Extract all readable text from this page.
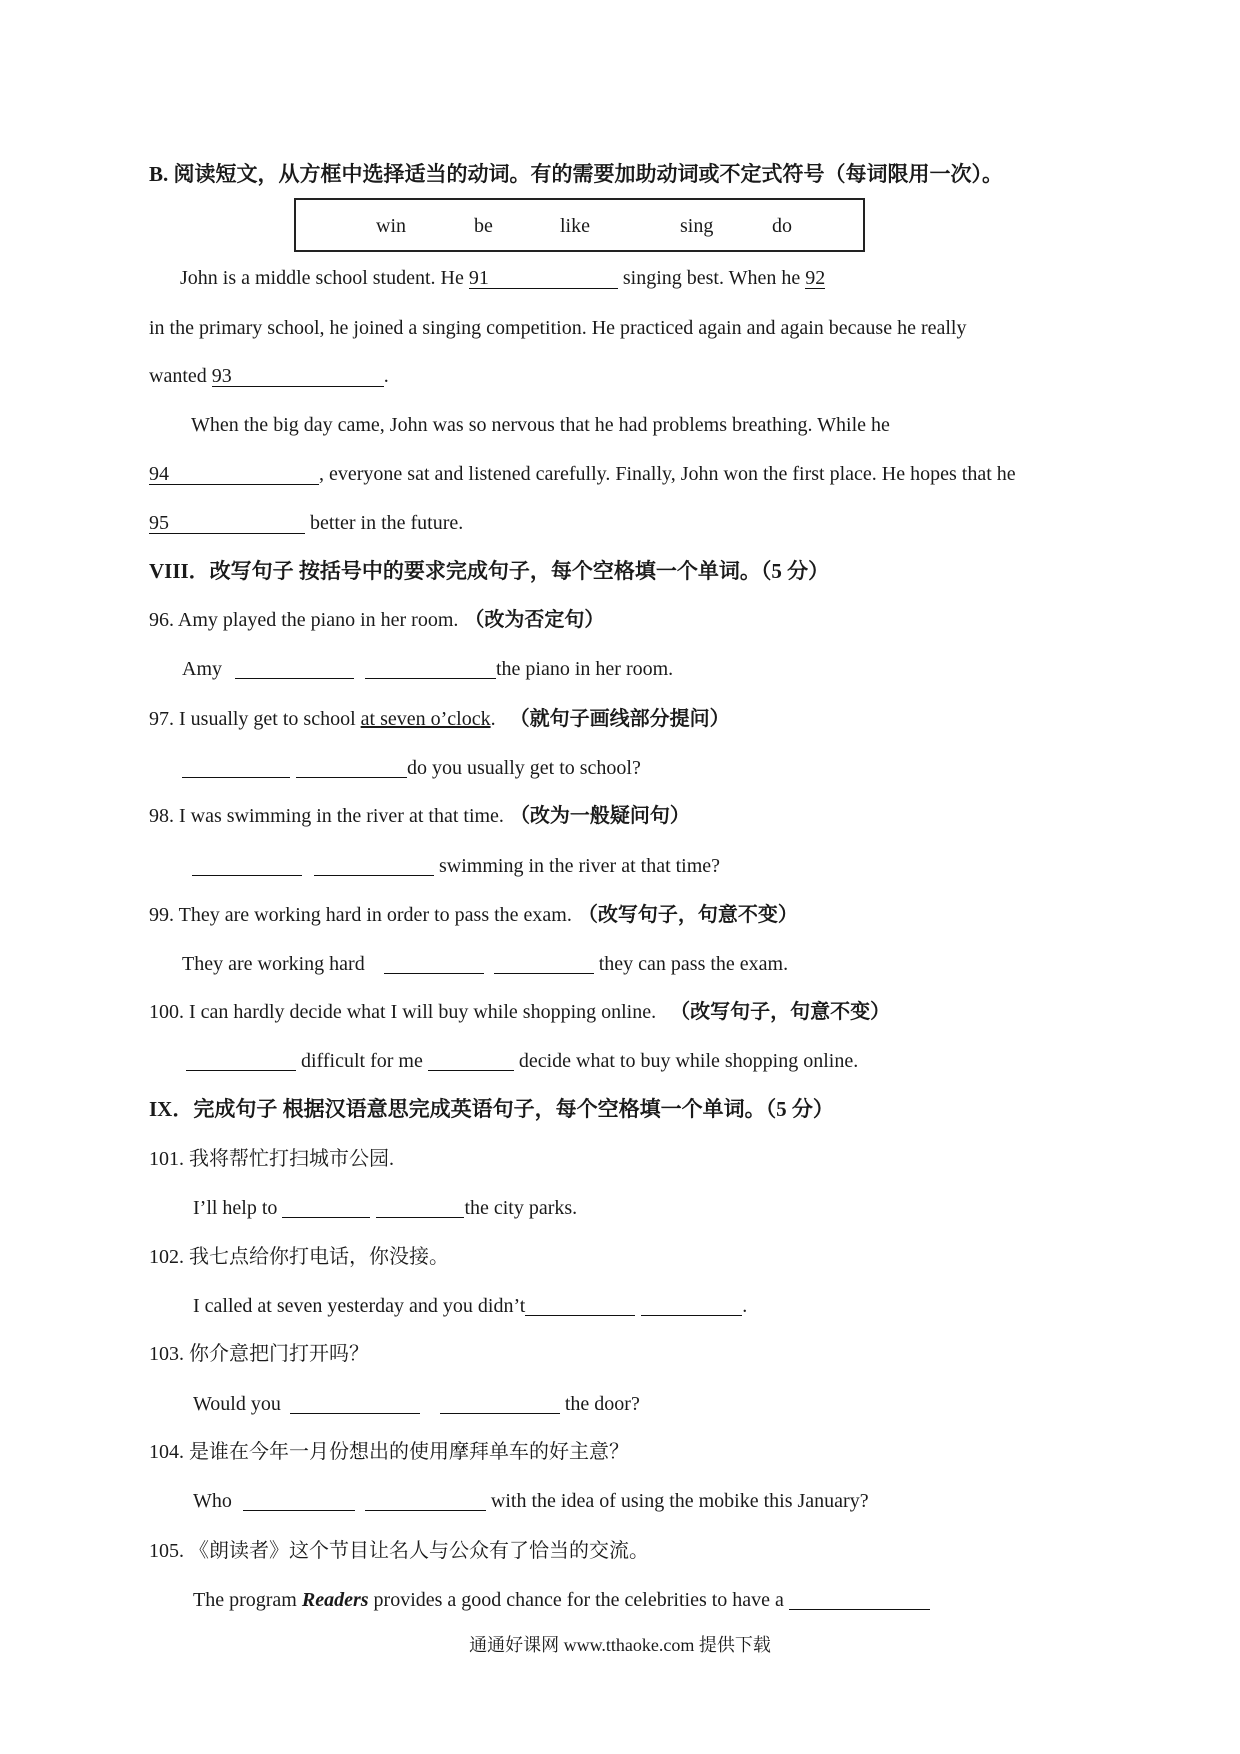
B. 阅读短文，从方框中选择适当的动词。有的需要加助动词或不定式符号（每词限用一次）。
win	be	like	sing	do
John is a middle school student. He 91	singing best. When he 92
in the primary school, he joined a singing competition. He practiced again and again because he really
wanted 93	.
When the big day came, John was so nervous that he had problems breathing. While he
94	, everyone sat and listened carefully. Finally, John won the first place. He hopes that he
95	better in the future.
VIII．改写句子 按括号中的要求完成句子，每个空格填一个单词。（5 分）
96. Amy played the piano in her room. （改为否定句）
Amy	the piano in her room.
97. I usually get to school at seven o’clock. （就句子画线部分提问）
do you usually get to school?
98. I was swimming in the river at that time. （改为一般疑问句）
swimming in the river at that time?
99. They are working hard in order to pass the exam. （改写句子，句意不变）
They are working hard	they can pass the exam.
100. I can hardly decide what I will buy while shopping online. （改写句子，句意不变）
difficult for me	decide what to buy while shopping online.
IX．完成句子 根据汉语意思完成英语句子，每个空格填一个单词。（5 分）
101. 我将帮忙打扫城市公园.
I’ll help to	the city parks.
102. 我七点给你打电话，你没接。
I called at seven yesterday and you didn’t	.
103. 你介意把门打开吗？
Would you	the door?
104. 是谁在今年一月份想出的使用摩拜单车的好主意？
Who	with the idea of using the mobike this January?
105. 《朗读者》这个节目让名人与公众有了恰当的交流。
The program Readers provides a good chance for the celebrities to have a
通通好课网 www.tthaoke.com 提供下载
